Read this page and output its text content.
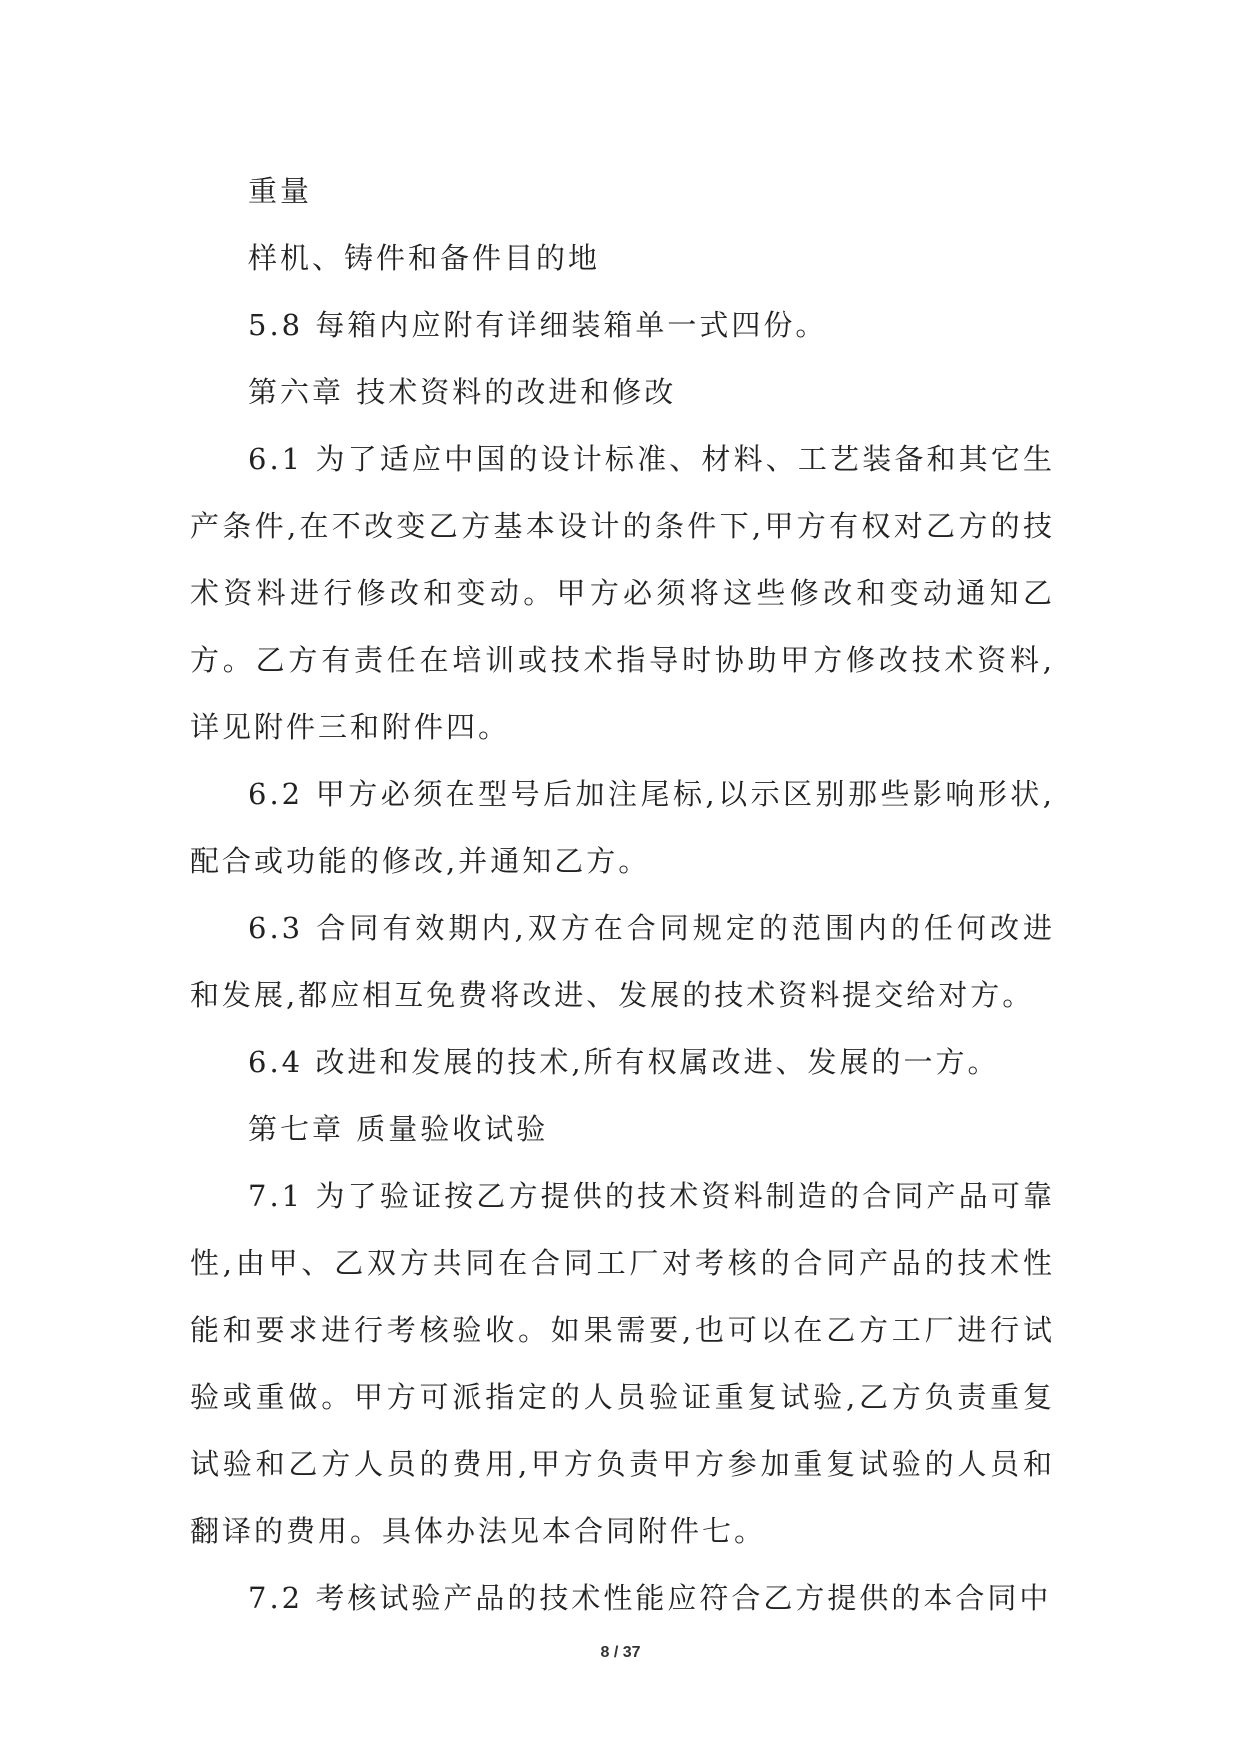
重量

样机、铸件和备件目的地

5.8 每箱内应附有详细装箱单一式四份。

第六章 技术资料的改进和修改

6.1 为了适应中国的设计标准、材料、工艺装备和其它生产条件,在不改变乙方基本设计的条件下,甲方有权对乙方的技术资料进行修改和变动。甲方必须将这些修改和变动通知乙方。乙方有责任在培训或技术指导时协助甲方修改技术资料,详见附件三和附件四。

6.2 甲方必须在型号后加注尾标,以示区别那些影响形状,配合或功能的修改,并通知乙方。

6.3 合同有效期内,双方在合同规定的范围内的任何改进和发展,都应相互免费将改进、发展的技术资料提交给对方。

6.4 改进和发展的技术,所有权属改进、发展的一方。

第七章 质量验收试验

7.1 为了验证按乙方提供的技术资料制造的合同产品可靠性,由甲、乙双方共同在合同工厂对考核的合同产品的技术性能和要求进行考核验收。如果需要,也可以在乙方工厂进行试验或重做。甲方可派指定的人员验证重复试验,乙方负责重复试验和乙方人员的费用,甲方负责甲方参加重复试验的人员和翻译的费用。具体办法见本合同附件七。

7.2 考核试验产品的技术性能应符合乙方提供的本合同中

8 / 37
